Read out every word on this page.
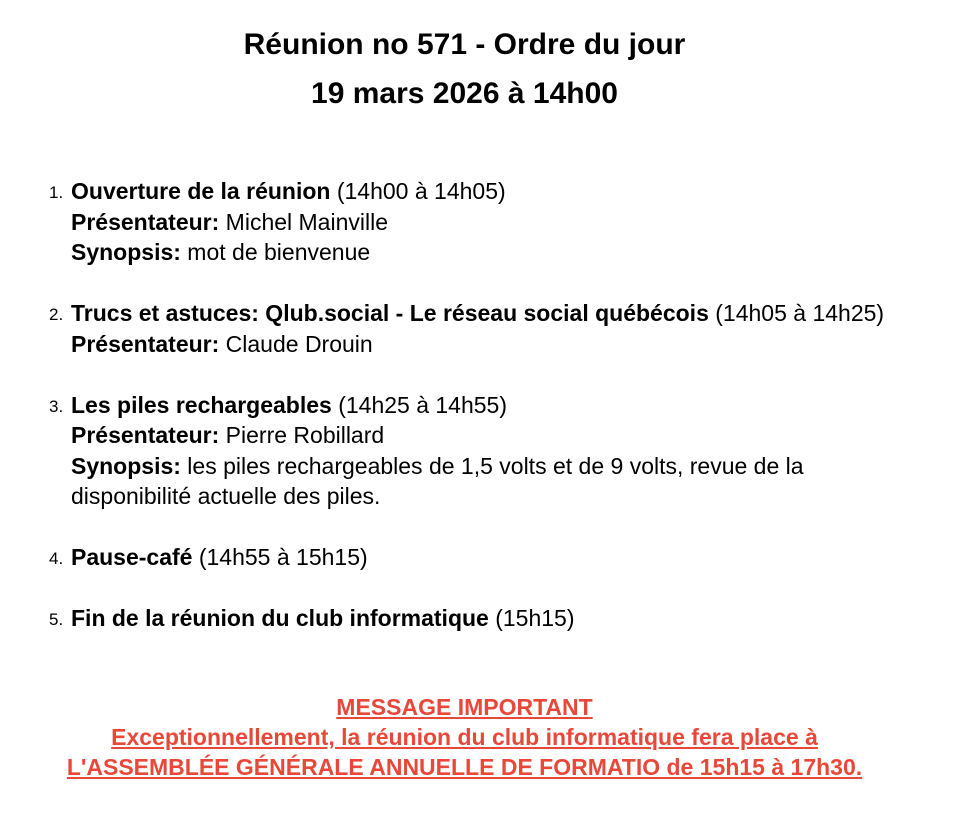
Réunion no 571 - Ordre du jour
19 mars 2026 à 14h00
1. Ouverture de la réunion (14h00 à 14h05)
Présentateur: Michel Mainville
Synopsis: mot de bienvenue
2. Trucs et astuces: Qlub.social - Le réseau social québécois (14h05 à 14h25)
Présentateur: Claude Drouin
3. Les piles rechargeables (14h25 à 14h55)
Présentateur: Pierre Robillard
Synopsis: les piles rechargeables de 1,5 volts et de 9 volts, revue de la disponibilité actuelle des piles.
4. Pause-café (14h55 à 15h15)
5. Fin de la réunion du club informatique (15h15)
MESSAGE IMPORTANT
Exceptionnellement, la réunion du club informatique fera place à
L'ASSEMBLÉE GÉNÉRALE ANNUELLE DE FORMATIO de 15h15 à 17h30.
